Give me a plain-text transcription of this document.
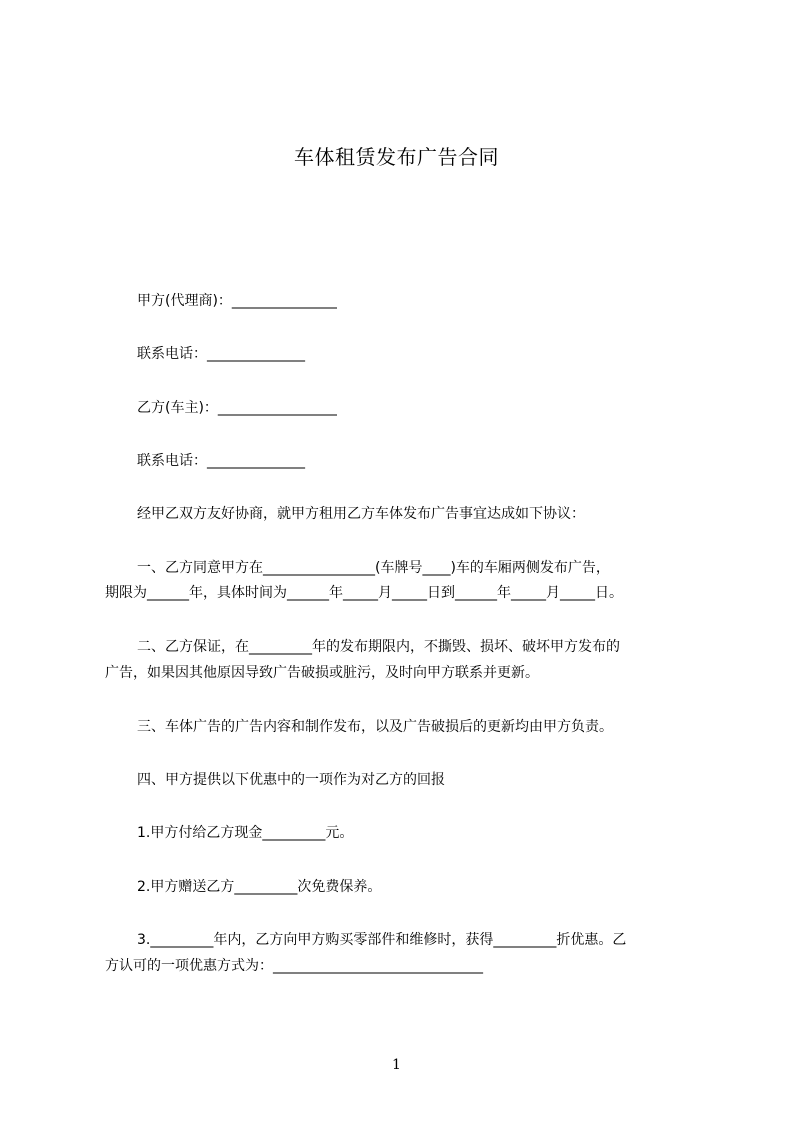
车体租赁发布广告合同
甲方(代理商)：_______________
联系电话：______________
乙方(车主)：_________________
联系电话：______________
经甲乙双方友好协商，就甲方租用乙方车体发布广告事宜达成如下协议：
一、乙方同意甲方在________________(车牌号____)车的车厢两侧发布广告，
期限为______年，具体时间为______年_____月_____日到______年_____月_____日。
二、乙方保证，在_________年的发布期限内，不撕毁、损坏、破坏甲方发布的
广告，如果因其他原因导致广告破损或脏污，及时向甲方联系并更新。
三、车体广告的广告内容和制作发布，以及广告破损后的更新均由甲方负责。
四、甲方提供以下优惠中的一项作为对乙方的回报
1.甲方付给乙方现金_________元。
2.甲方赠送乙方_________次免费保养。
3._________年内，乙方向甲方购买零部件和维修时，获得_________折优惠。乙
方认可的一项优惠方式为：______________________________
1
